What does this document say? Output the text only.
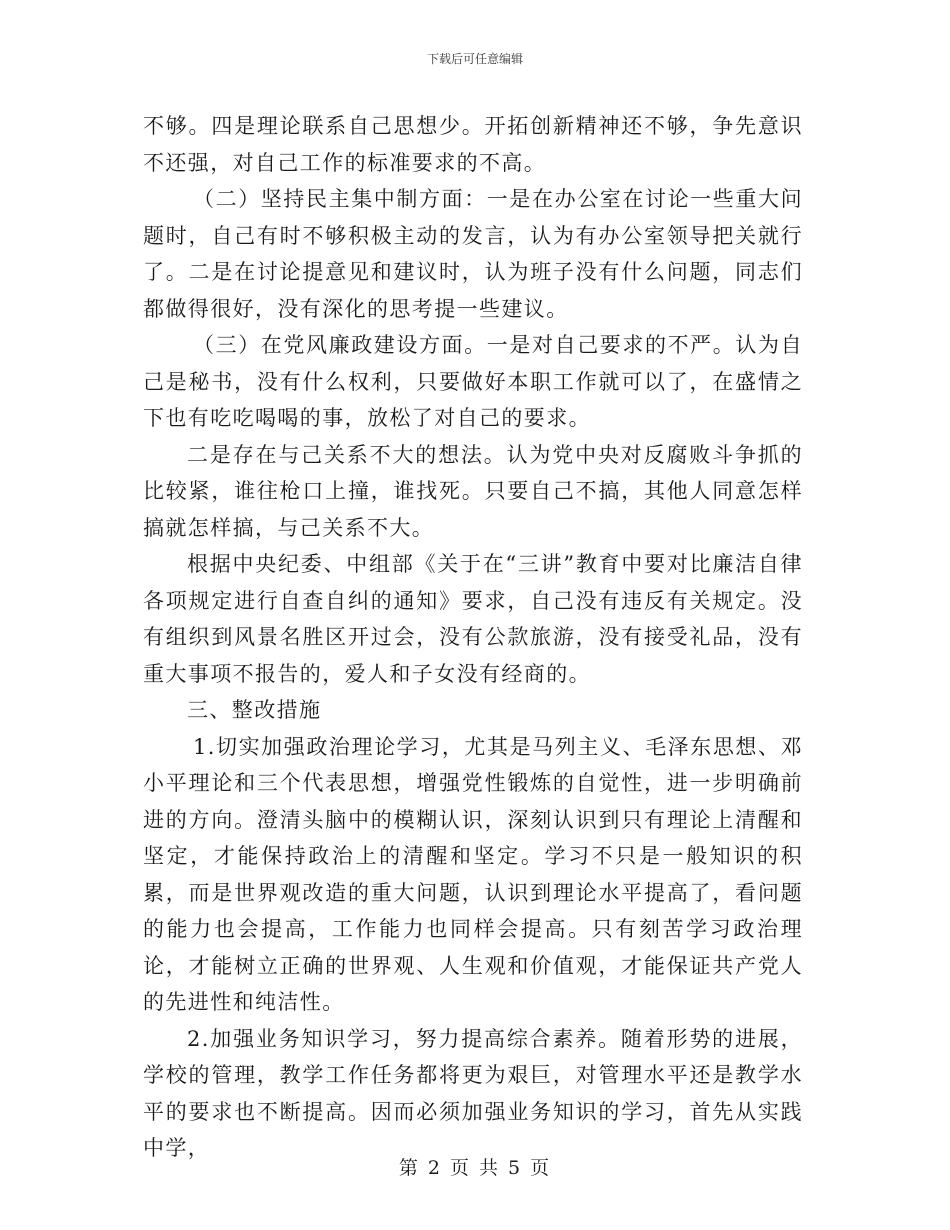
下载后可任意编辑

不够。四是理论联系自己思想少。开拓创新精神还不够，争先意识不还强，对自己工作的标准要求的不高。

（二）坚持民主集中制方面：一是在办公室在讨论一些重大问题时，自己有时不够积极主动的发言，认为有办公室领导把关就行了。二是在讨论提意见和建议时，认为班子没有什么问题，同志们都做得很好，没有深化的思考提一些建议。

（三）在党风廉政建设方面。一是对自己要求的不严。认为自己是秘书，没有什么权利，只要做好本职工作就可以了，在盛情之下也有吃吃喝喝的事，放松了对自己的要求。

二是存在与己关系不大的想法。认为党中央对反腐败斗争抓的比较紧，谁往枪口上撞，谁找死。只要自己不搞，其他人同意怎样搞就怎样搞，与己关系不大。

根据中央纪委、中组部《关于在“三讲”教育中要对比廉洁自律各项规定进行自查自纠的通知》要求，自己没有违反有关规定。没有组织到风景名胜区开过会，没有公款旅游，没有接受礼品，没有重大事项不报告的，爱人和子女没有经商的。

三、整改措施

1.切实加强政治理论学习，尤其是马列主义、毛泽东思想、邓小平理论和三个代表思想，增强党性锻炼的自觉性，进一步明确前进的方向。澄清头脑中的模糊认识，深刻认识到只有理论上清醒和坚定，才能保持政治上的清醒和坚定。学习不只是一般知识的积累，而是世界观改造的重大问题，认识到理论水平提高了，看问题的能力也会提高，工作能力也同样会提高。只有刻苦学习政治理论，才能树立正确的世界观、人生观和价值观，才能保证共产党人的先进性和纯洁性。

2.加强业务知识学习，努力提高综合素养。随着形势的进展，学校的管理，教学工作任务都将更为艰巨，对管理水平还是教学水平的要求也不断提高。因而必须加强业务知识的学习，首先从实践中学，

第 2 页 共 5 页
